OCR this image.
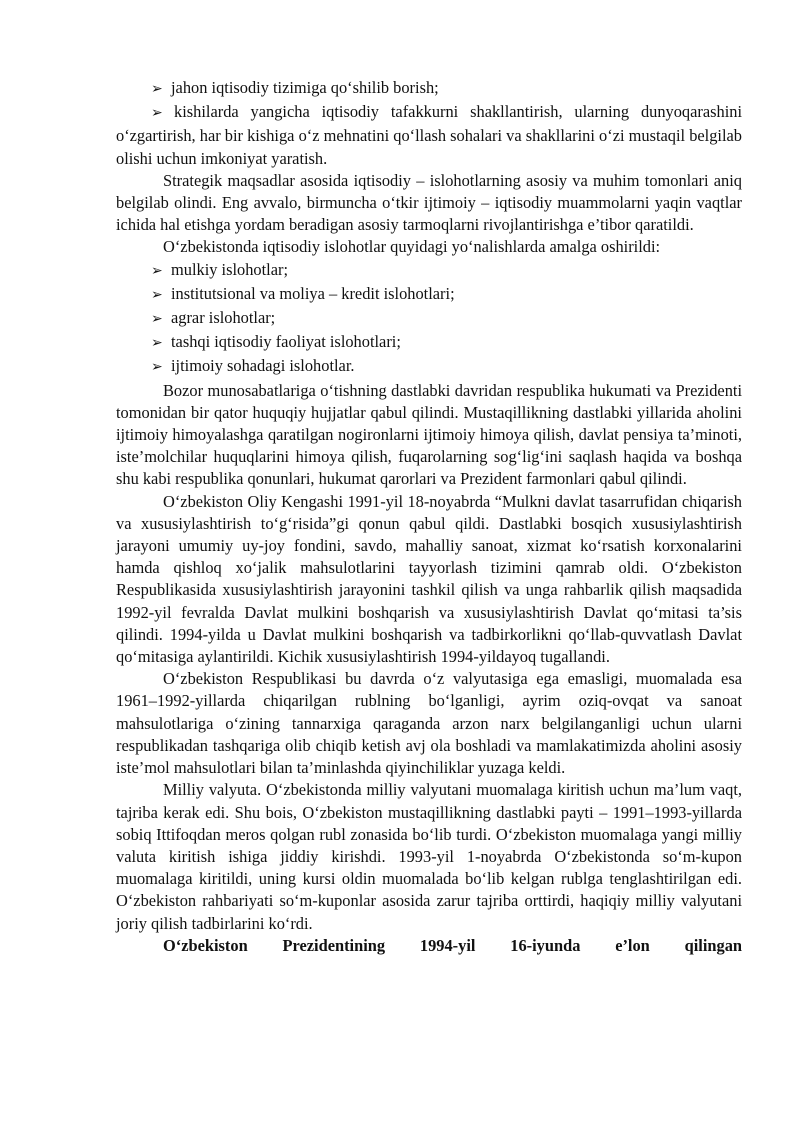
➢ jahon iqtisodiy tizimiga qo‘shilib borish;

➢ kishilarda yangicha iqtisodiy tafakkurni shakllantirish, ularning dunyoqarashini o‘zgartirish, har bir kishiga o‘z mehnatini qo‘llash sohalari va shakllarini o‘zi mustaqil belgilab olishi uchun imkoniyat yaratish.

Strategik maqsadlar asosida iqtisodiy – islohotlarning asosiy va muhim tomonlari aniq belgilab olindi. Eng avvalo, birmuncha o‘tkir ijtimoiy – iqtisodiy muammolarni yaqin vaqtlar ichida hal etishga yordam beradigan asosiy tarmoqlarni rivojlantirishga e’tibor qaratildi.

O‘zbekistonda iqtisodiy islohotlar quyidagi yo‘nalishlarda amalga oshirildi:

➢ mulkiy islohotlar;
➢ institutsional va moliya – kredit islohotlari;
➢ agrar islohotlar;
➢ tashqi iqtisodiy faoliyat islohotlari;
➢ ijtimoiy sohadagi islohotlar.

Bozor munosabatlariga o‘tishning dastlabki davridan respublika hukumati va Prezidenti tomonidan bir qator huquqiy hujjatlar qabul qilindi. Mustaqillikning dastlabki yillarida aholini ijtimoiy himoyalashga qaratilgan nogironlarni ijtimoiy himoya qilish, davlat pensiya ta’minoti, iste’molchilar huquqlarini himoya qilish, fuqarolarning sog‘lig‘ini saqlash haqida va boshqa shu kabi respublika qonunlari, hukumat qarorlari va Prezident farmonlari qabul qilindi.

O‘zbekiston Oliy Kengashi 1991-yil 18-noyabrda “Mulkni davlat tasarrufidan chiqarish va xususiylashtirish to‘g‘risida”gi qonun qabul qildi. Dastlabki bosqich xususiylashtirish jarayoni umumiy uy-joy fondini, savdo, mahalliy sanoat, xizmat ko‘rsatish korxonalarini hamda qishloq xo‘jalik mahsulotlarini tayyorlash tizimini qamrab oldi. O‘zbekiston Respublikasida xususiylashtirish jarayonini tashkil qilish va unga rahbarlik qilish maqsadida 1992-yil fevralda Davlat mulkini boshqarish va xususiylashtirish Davlat qo‘mitasi ta’sis qilindi. 1994-yilda u Davlat mulkini boshqarish va tadbirkorlikni qo‘llab-quvvatlash Davlat qo‘mitasiga aylantirildi. Kichik xususiylashtirish 1994-yildayoq tugallandi.

O‘zbekiston Respublikasi bu davrda o‘z valyutasiga ega emasligi, muomalada esa 1961–1992-yillarda chiqarilgan rublning bo‘lganligi, ayrim oziq-ovqat va sanoat mahsulotlariga o‘zining tannarxiga qaraganda arzon narx belgilanganligi uchun ularni respublikadan tashqariga olib chiqib ketish avj ola boshladi va mamlakatimizda aholini asosiy iste’mol mahsulotlari bilan ta’minlashda qiyinchiliklar yuzaga keldi.

Milliy valyuta. O‘zbekistonda milliy valyutani muomalaga kiritish uchun ma’lum vaqt, tajriba kerak edi. Shu bois, O‘zbekiston mustaqillikning dastlabki payti – 1991–1993-yillarda sobiq Ittifoqdan meros qolgan rubl zonasida bo‘lib turdi. O‘zbekiston muomalaga yangi milliy valuta kiritish ishiga jiddiy kirishdi. 1993-yil 1-noyabrda O‘zbekistonda so‘m-kupon muomalaga kiritildi, uning kursi oldin muomalada bo‘lib kelgan rublga tenglashtirilgan edi. O‘zbekiston rahbariyati so‘m-kuponlar asosida zarur tajriba orttirdi, haqiqiy milliy valyutani joriy qilish tadbirlarini ko‘rdi.

O‘zbekiston Prezidentining 1994-yil 16-iyunda e’lon qilingan
